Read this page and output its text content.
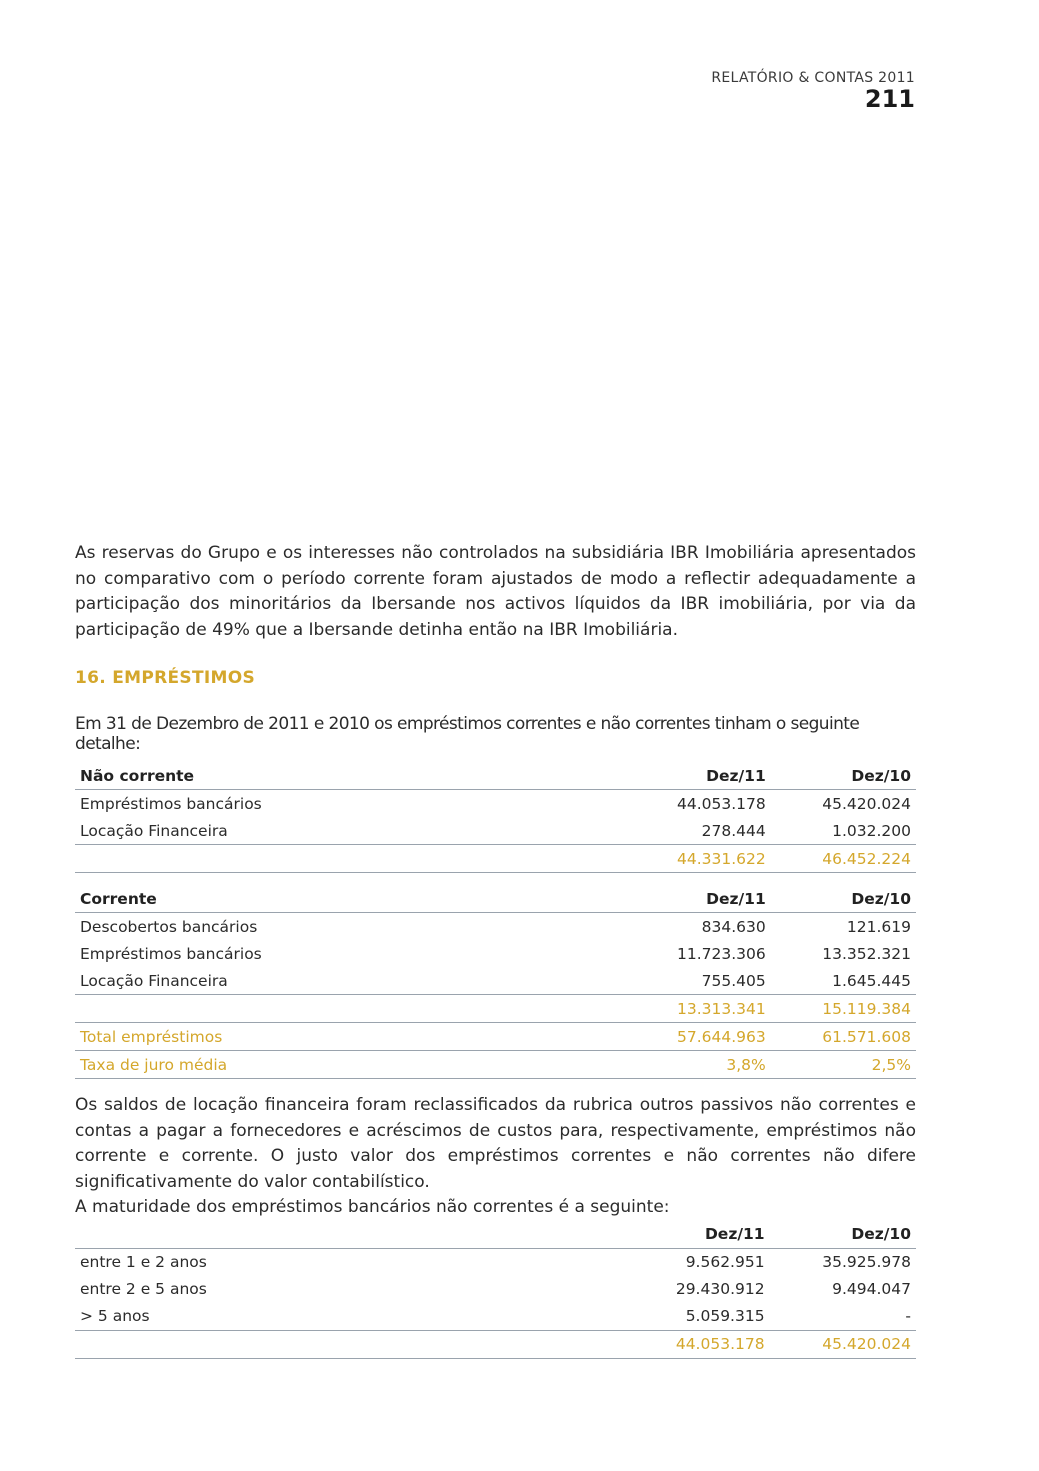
RELATÓRIO & CONTAS 2011
211

As reservas do Grupo e os interesses não controlados na subsidiária IBR Imobiliária apresentados no comparativo com o período corrente foram ajustados de modo a reflectir adequadamente a participação dos minoritários da Ibersande nos activos líquidos da IBR imobiliária, por via da participação de 49% que a Ibersande detinha então na IBR Imobiliária.

16. EMPRÉSTIMOS

Em 31 de Dezembro de 2011 e 2010 os empréstimos correntes e não correntes tinham o seguinte detalhe:

Não corrente	Dez/11	Dez/10
Empréstimos bancários	44.053.178	45.420.024
Locação Financeira	278.444	1.032.200
	44.331.622	46.452.224

Corrente	Dez/11	Dez/10
Descobertos bancários	834.630	121.619
Empréstimos bancários	11.723.306	13.352.321
Locação Financeira	755.405	1.645.445
	13.313.341	15.119.384
Total empréstimos	57.644.963	61.571.608
Taxa de juro média	3,8%	2,5%

Os saldos de locação financeira foram reclassificados da rubrica outros passivos não correntes e contas a pagar a fornecedores e acréscimos de custos para, respectivamente, empréstimos não corrente e corrente. O justo valor dos empréstimos correntes e não correntes não difere significativamente do valor contabilístico.

A maturidade dos empréstimos bancários não correntes é a seguinte:

	Dez/11	Dez/10
entre 1 e 2 anos	9.562.951	35.925.978
entre 2 e 5 anos	29.430.912	9.494.047
> 5 anos	5.059.315	-
	44.053.178	45.420.024
